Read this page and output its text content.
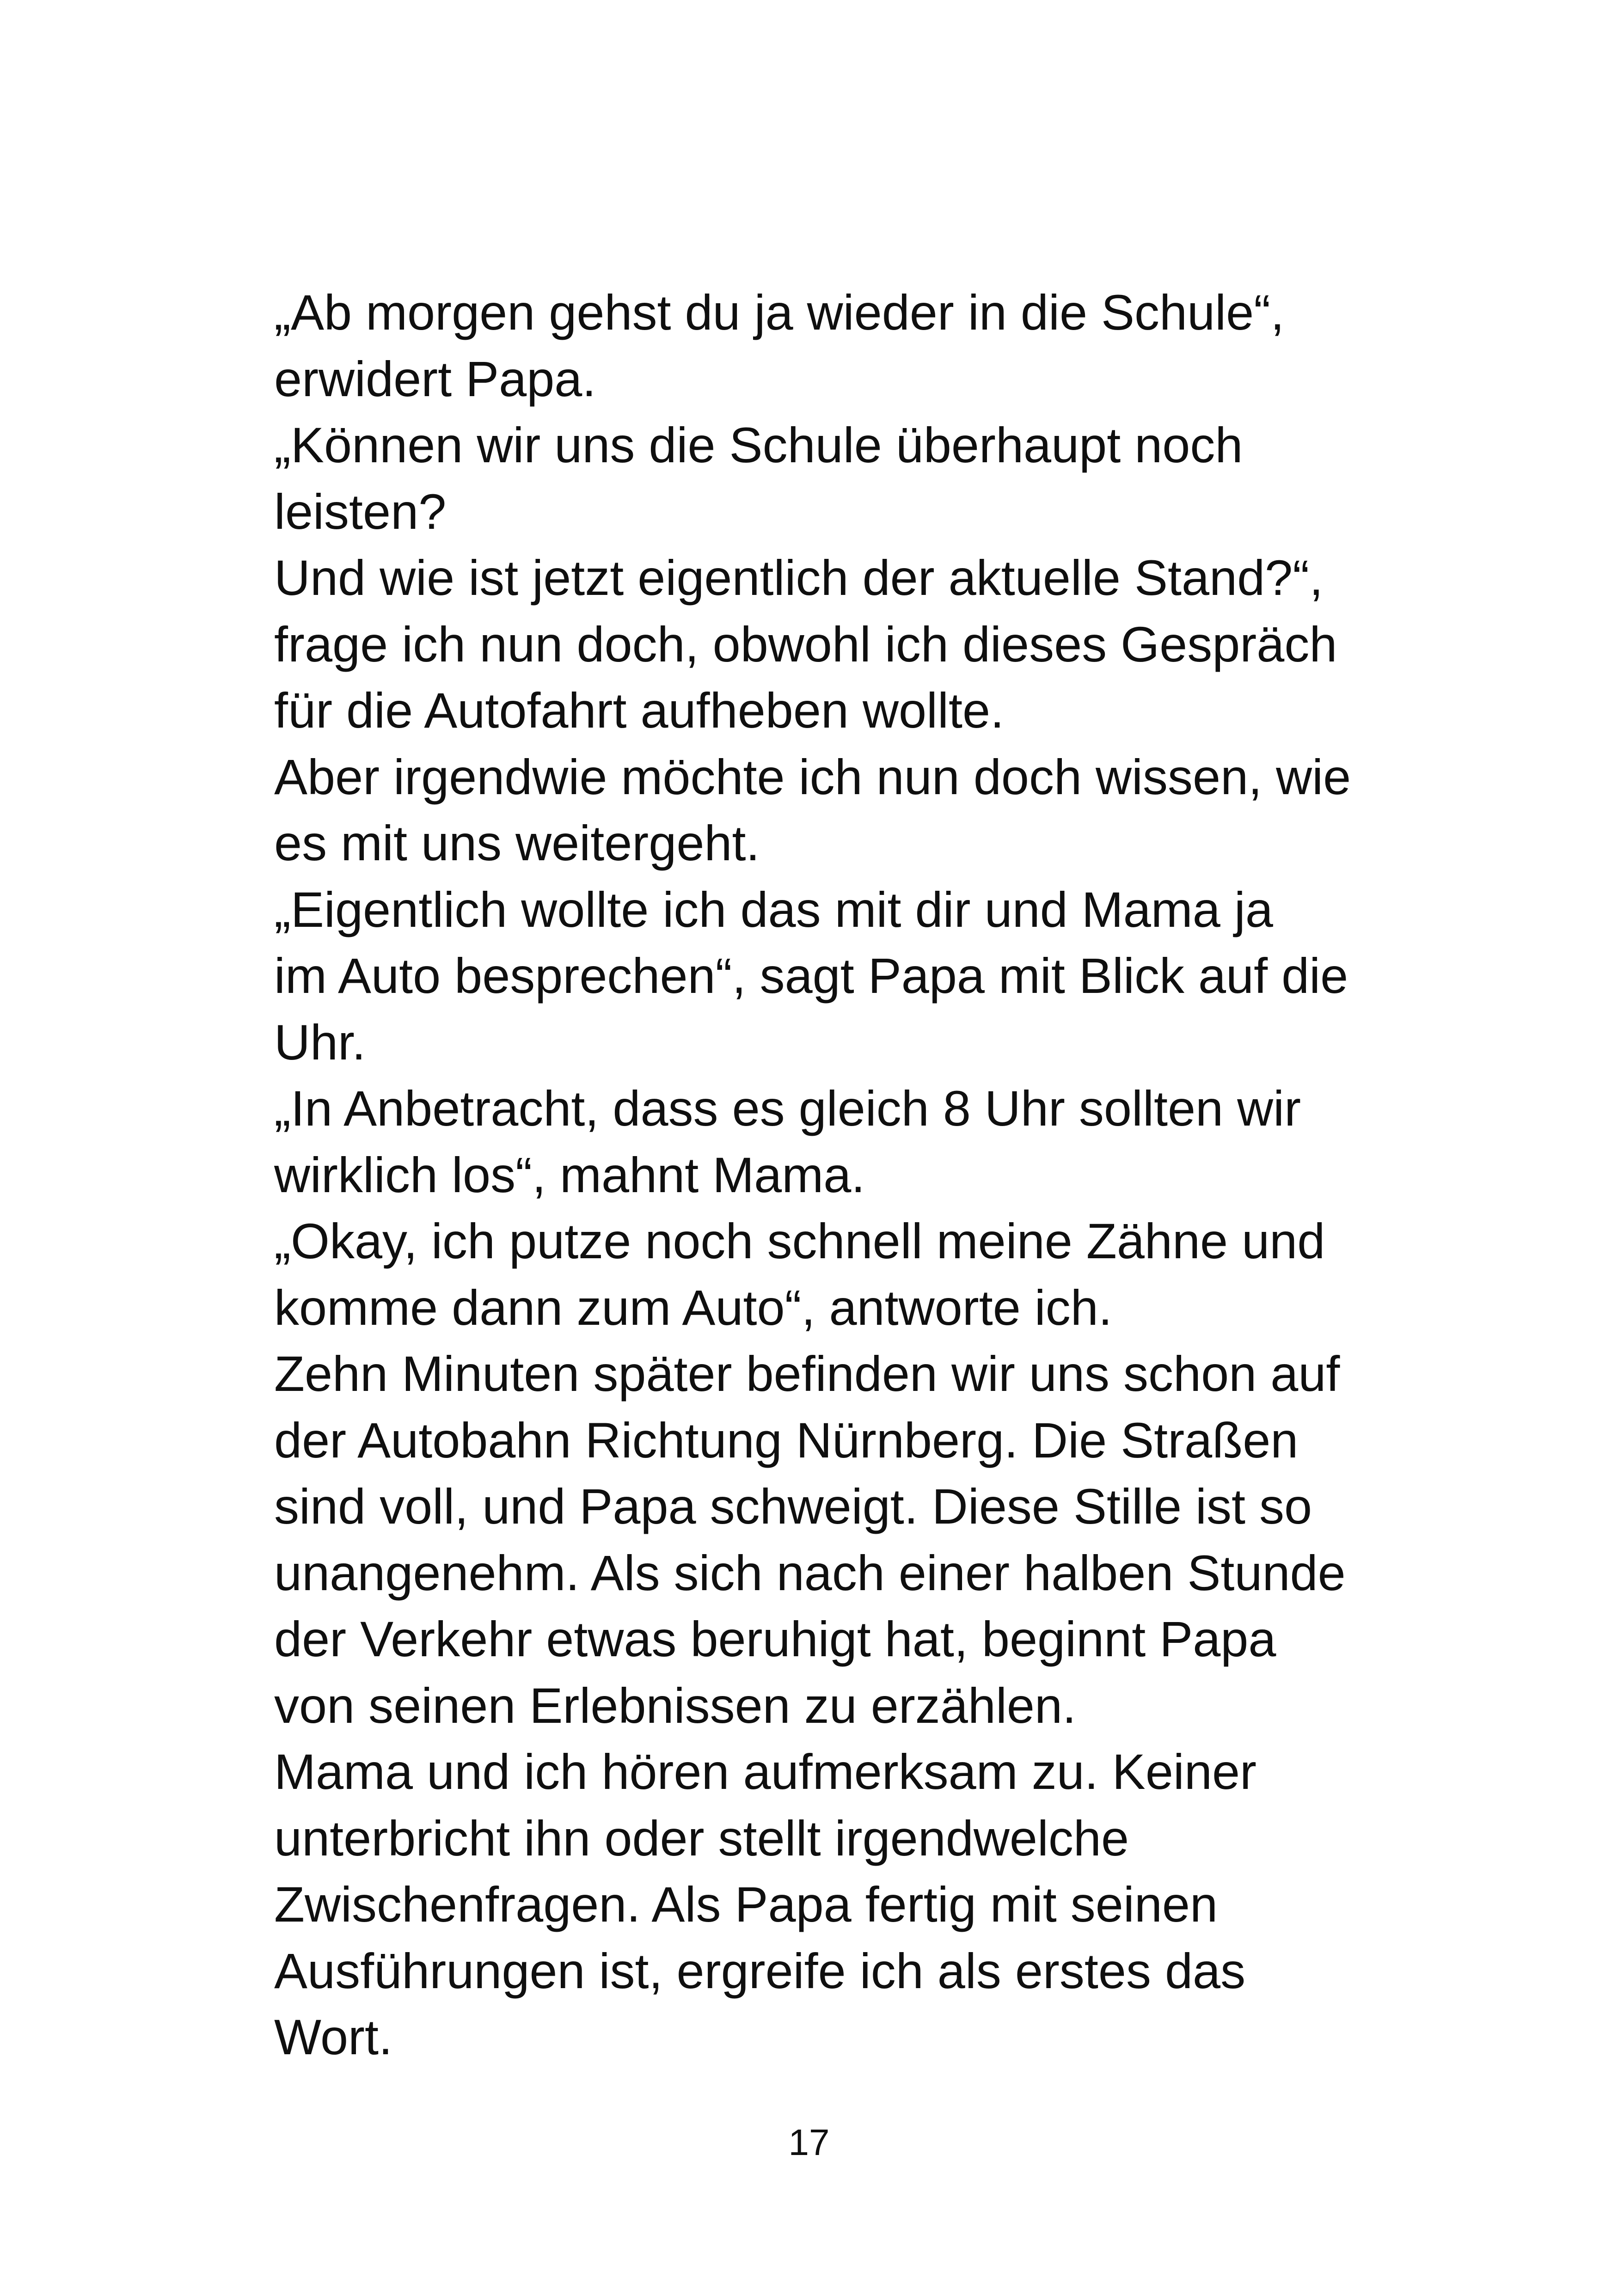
„Ab morgen gehst du ja wieder in die Schule“,
erwidert Papa.
„Können wir uns die Schule überhaupt noch
leisten?
Und wie ist jetzt eigentlich der aktuelle Stand?“,
frage ich nun doch, obwohl ich dieses Gespräch
für die Autofahrt aufheben wollte.
Aber irgendwie möchte ich nun doch wissen, wie
es mit uns weitergeht.
„Eigentlich wollte ich das mit dir und Mama ja
im Auto besprechen“, sagt Papa mit Blick auf die
Uhr.
„In Anbetracht, dass es gleich 8 Uhr sollten wir
wirklich los“, mahnt Mama.
„Okay, ich putze noch schnell meine Zähne und
komme dann zum Auto“, antworte ich.
Zehn Minuten später befinden wir uns schon auf
der Autobahn Richtung Nürnberg. Die Straßen
sind voll, und Papa schweigt. Diese Stille ist so
unangenehm. Als sich nach einer halben Stunde
der Verkehr etwas beruhigt hat, beginnt Papa
von seinen Erlebnissen zu erzählen.
Mama und ich hören aufmerksam zu. Keiner
unterbricht ihn oder stellt irgendwelche
Zwischenfragen. Als Papa fertig mit seinen
Ausführungen ist, ergreife ich als erstes das
Wort.
17
